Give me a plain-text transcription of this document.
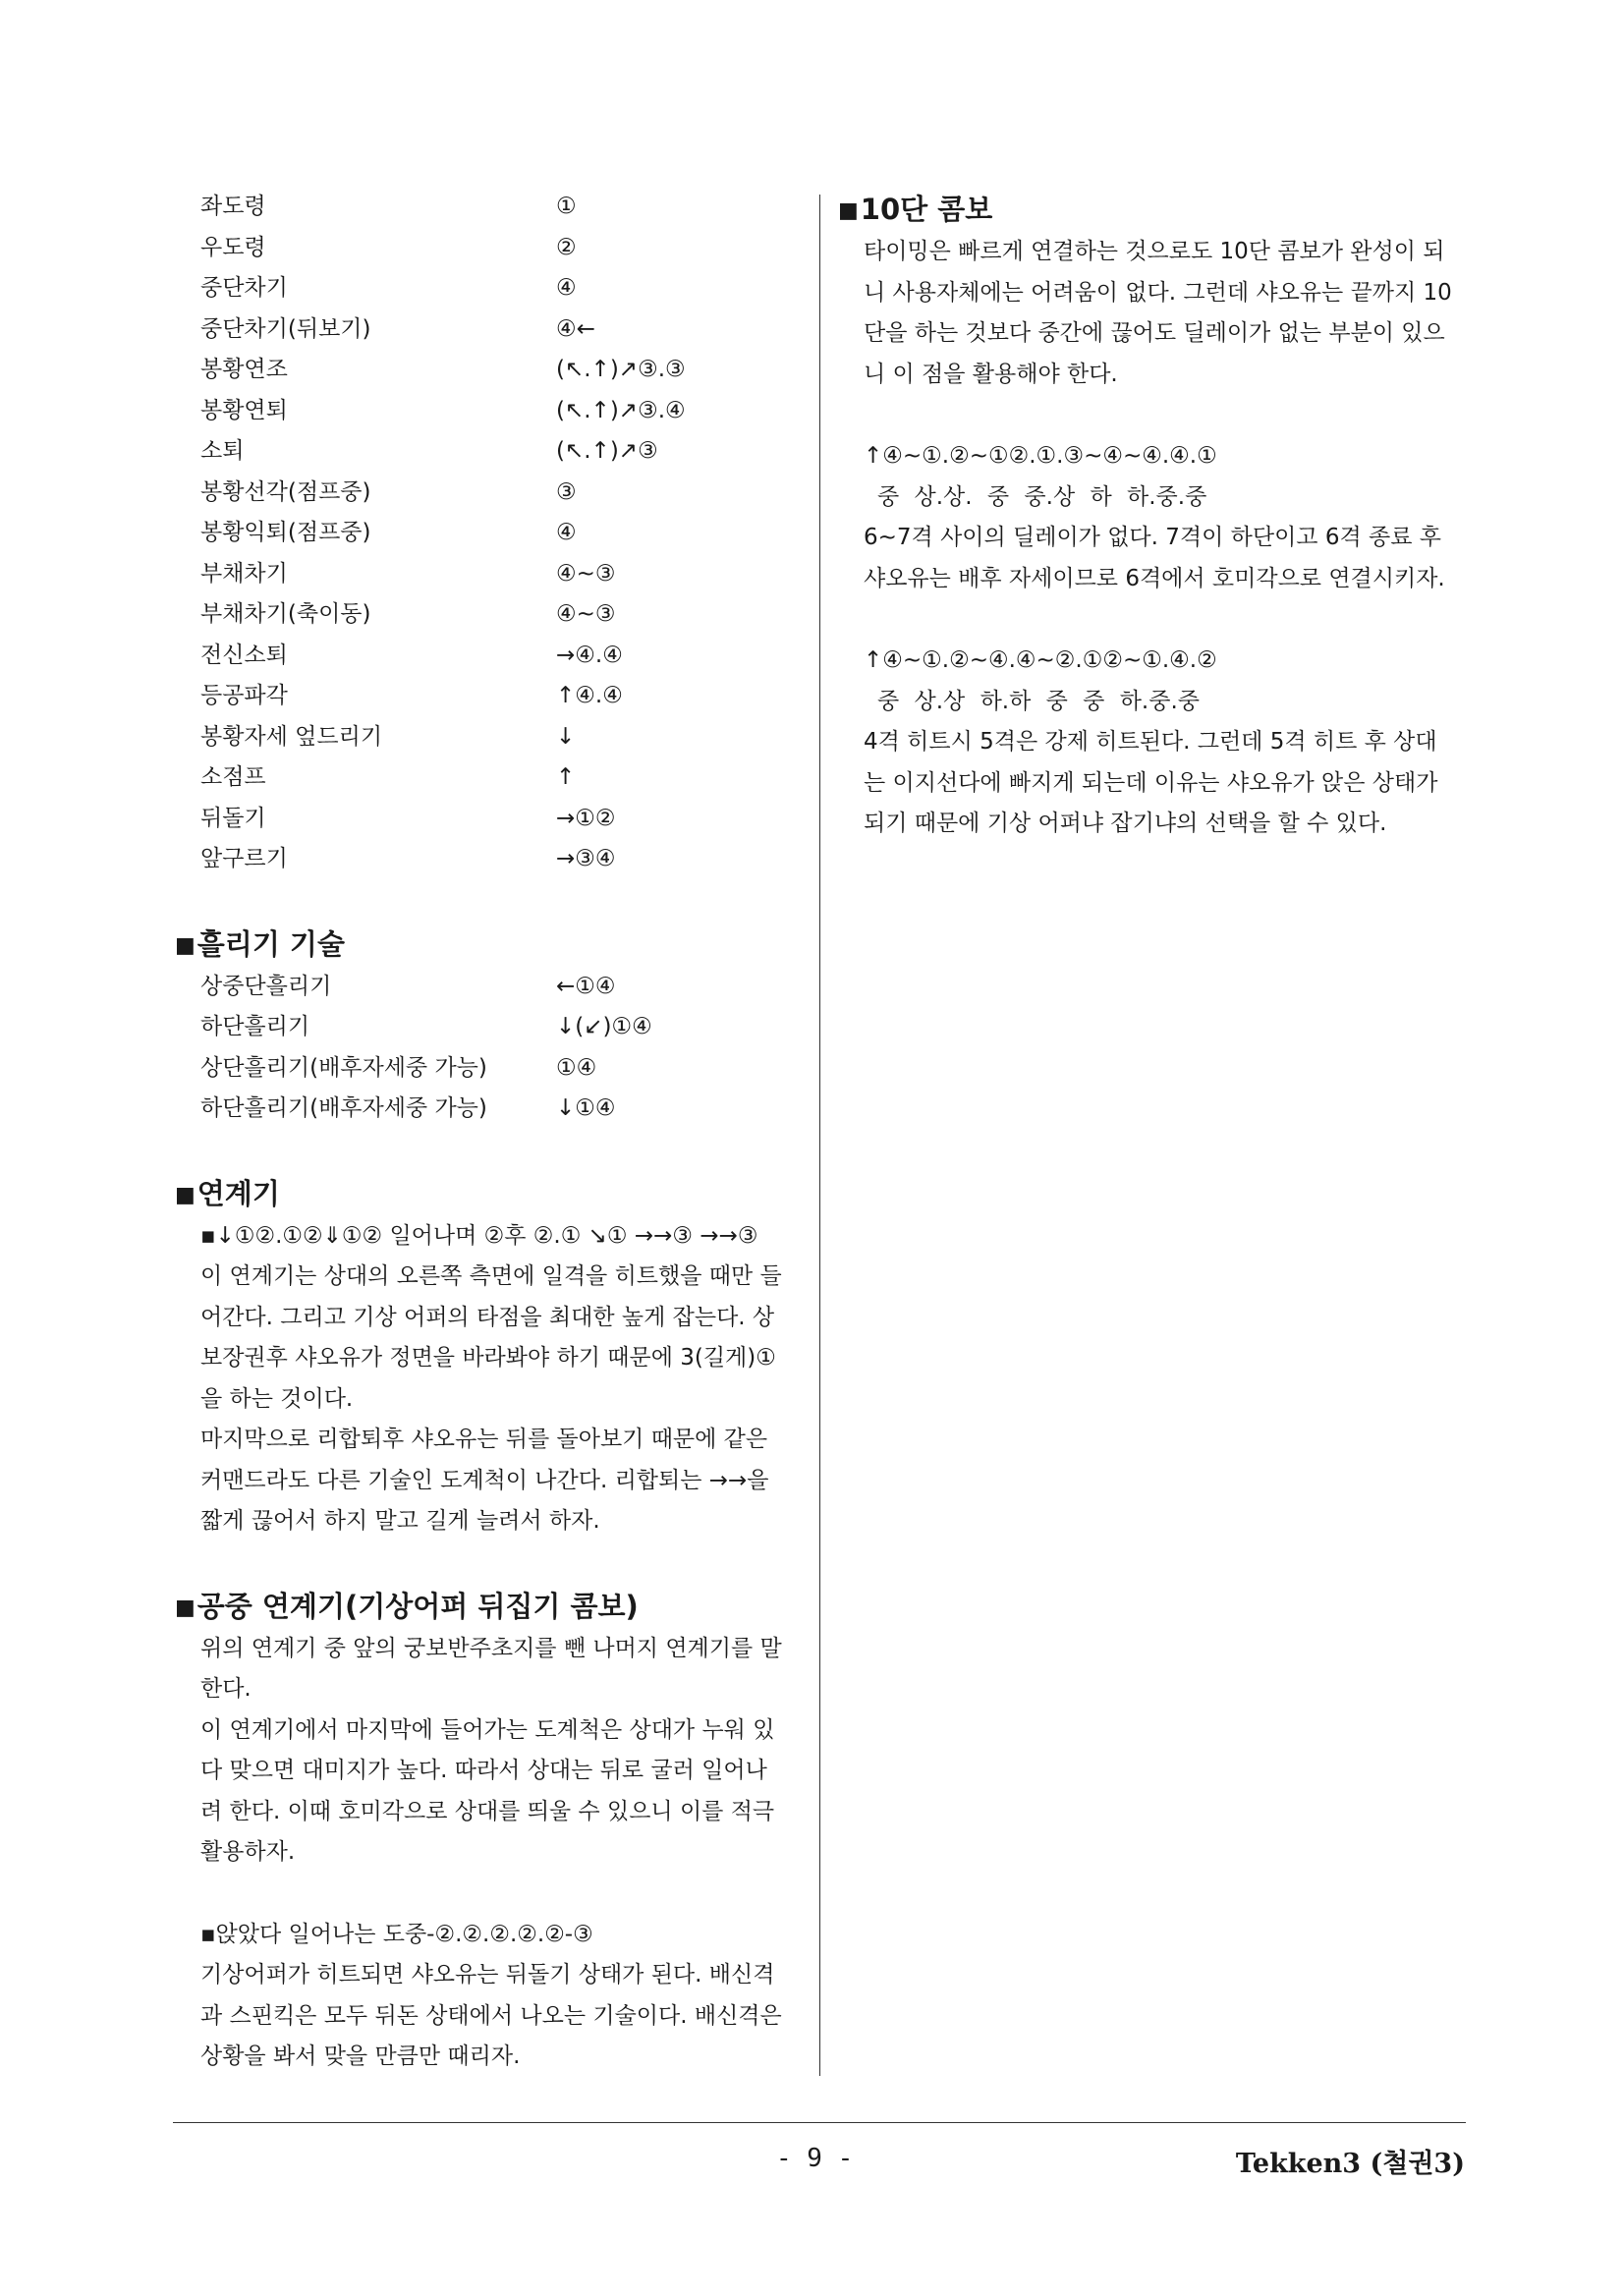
좌도령	①
우도령	②
중단차기	④
중단차기(뒤보기)	④←
봉황연조	(↖.↑)↗③.③
봉황연퇴	(↖.↑)↗③.④
소퇴	(↖.↑)↗③
봉황선각(점프중)	③
봉황익퇴(점프중)	④
부채차기	④~③
부채차기(축이동)	④~③
전신소퇴	→④.④
등공파각	↑④.④
봉황자세 엎드리기	↓
소점프	↑
뒤돌기	→①②
앞구르기	→③④
■흘리기 기술
상중단흘리기	←①④
하단흘리기	↓(↙)①④
상단흘리기(배후자세중 가능)	①④
하단흘리기(배후자세중 가능)	↓①④
■연계기
▪↓①②.①②⇓①② 일어나며 ②후 ②.① ↘① →→③ →→③
이 연계기는 상대의 오른쪽 측면에 일격을 히트했을 때만 들
어간다. 그리고 기상 어퍼의 타점을 최대한 높게 잡는다. 상
보장권후 샤오유가 정면을 바라봐야 하기 때문에 3(길게)①
을 하는 것이다.
마지막으로 리합퇴후 샤오유는 뒤를 돌아보기 때문에 같은
커맨드라도 다른 기술인 도계척이 나간다. 리합퇴는 →→을
짧게 끊어서 하지 말고 길게 늘려서 하자.
■공중 연계기(기상어퍼 뒤집기 콤보)
위의 연계기 중 앞의 궁보반주초지를 뺀 나머지 연계기를 말
한다.
이 연계기에서 마지막에 들어가는 도계척은 상대가 누워 있
다 맞으면 대미지가 높다. 따라서 상대는 뒤로 굴러 일어나
려 한다. 이때 호미각으로 상대를 띄울 수 있으니 이를 적극
활용하자.
▪앉았다 일어나는 도중-②.②.②.②.②-③
기상어퍼가 히트되면 샤오유는 뒤돌기 상태가 된다. 배신격
과 스핀킥은 모두 뒤돈 상태에서 나오는 기술이다. 배신격은
상황을 봐서 맞을 만큼만 때리자.
■10단 콤보
타이밍은 빠르게 연결하는 것으로도 10단 콤보가 완성이 되
니 사용자체에는 어려움이 없다. 그런데 샤오유는 끝까지 10
단을 하는 것보다 중간에 끊어도 딜레이가 없는 부분이 있으
니 이 점을 활용해야 한다.
↑④~①.②~①②.①.③~④~④.④.①
중 상.상. 중 중.상 하 하.중.중
6~7격 사이의 딜레이가 없다. 7격이 하단이고 6격 종료 후
샤오유는 배후 자세이므로 6격에서 호미각으로 연결시키자.
↑④~①.②~④.④~②.①②~①.④.②
중 상.상 하.하 중 중 하.중.중
4격 히트시 5격은 강제 히트된다. 그런데 5격 히트 후 상대
는 이지선다에 빠지게 되는데 이유는 샤오유가 앉은 상태가
되기 때문에 기상 어퍼냐 잡기냐의 선택을 할 수 있다.
- 9 -	Tekken3 (철권3)
